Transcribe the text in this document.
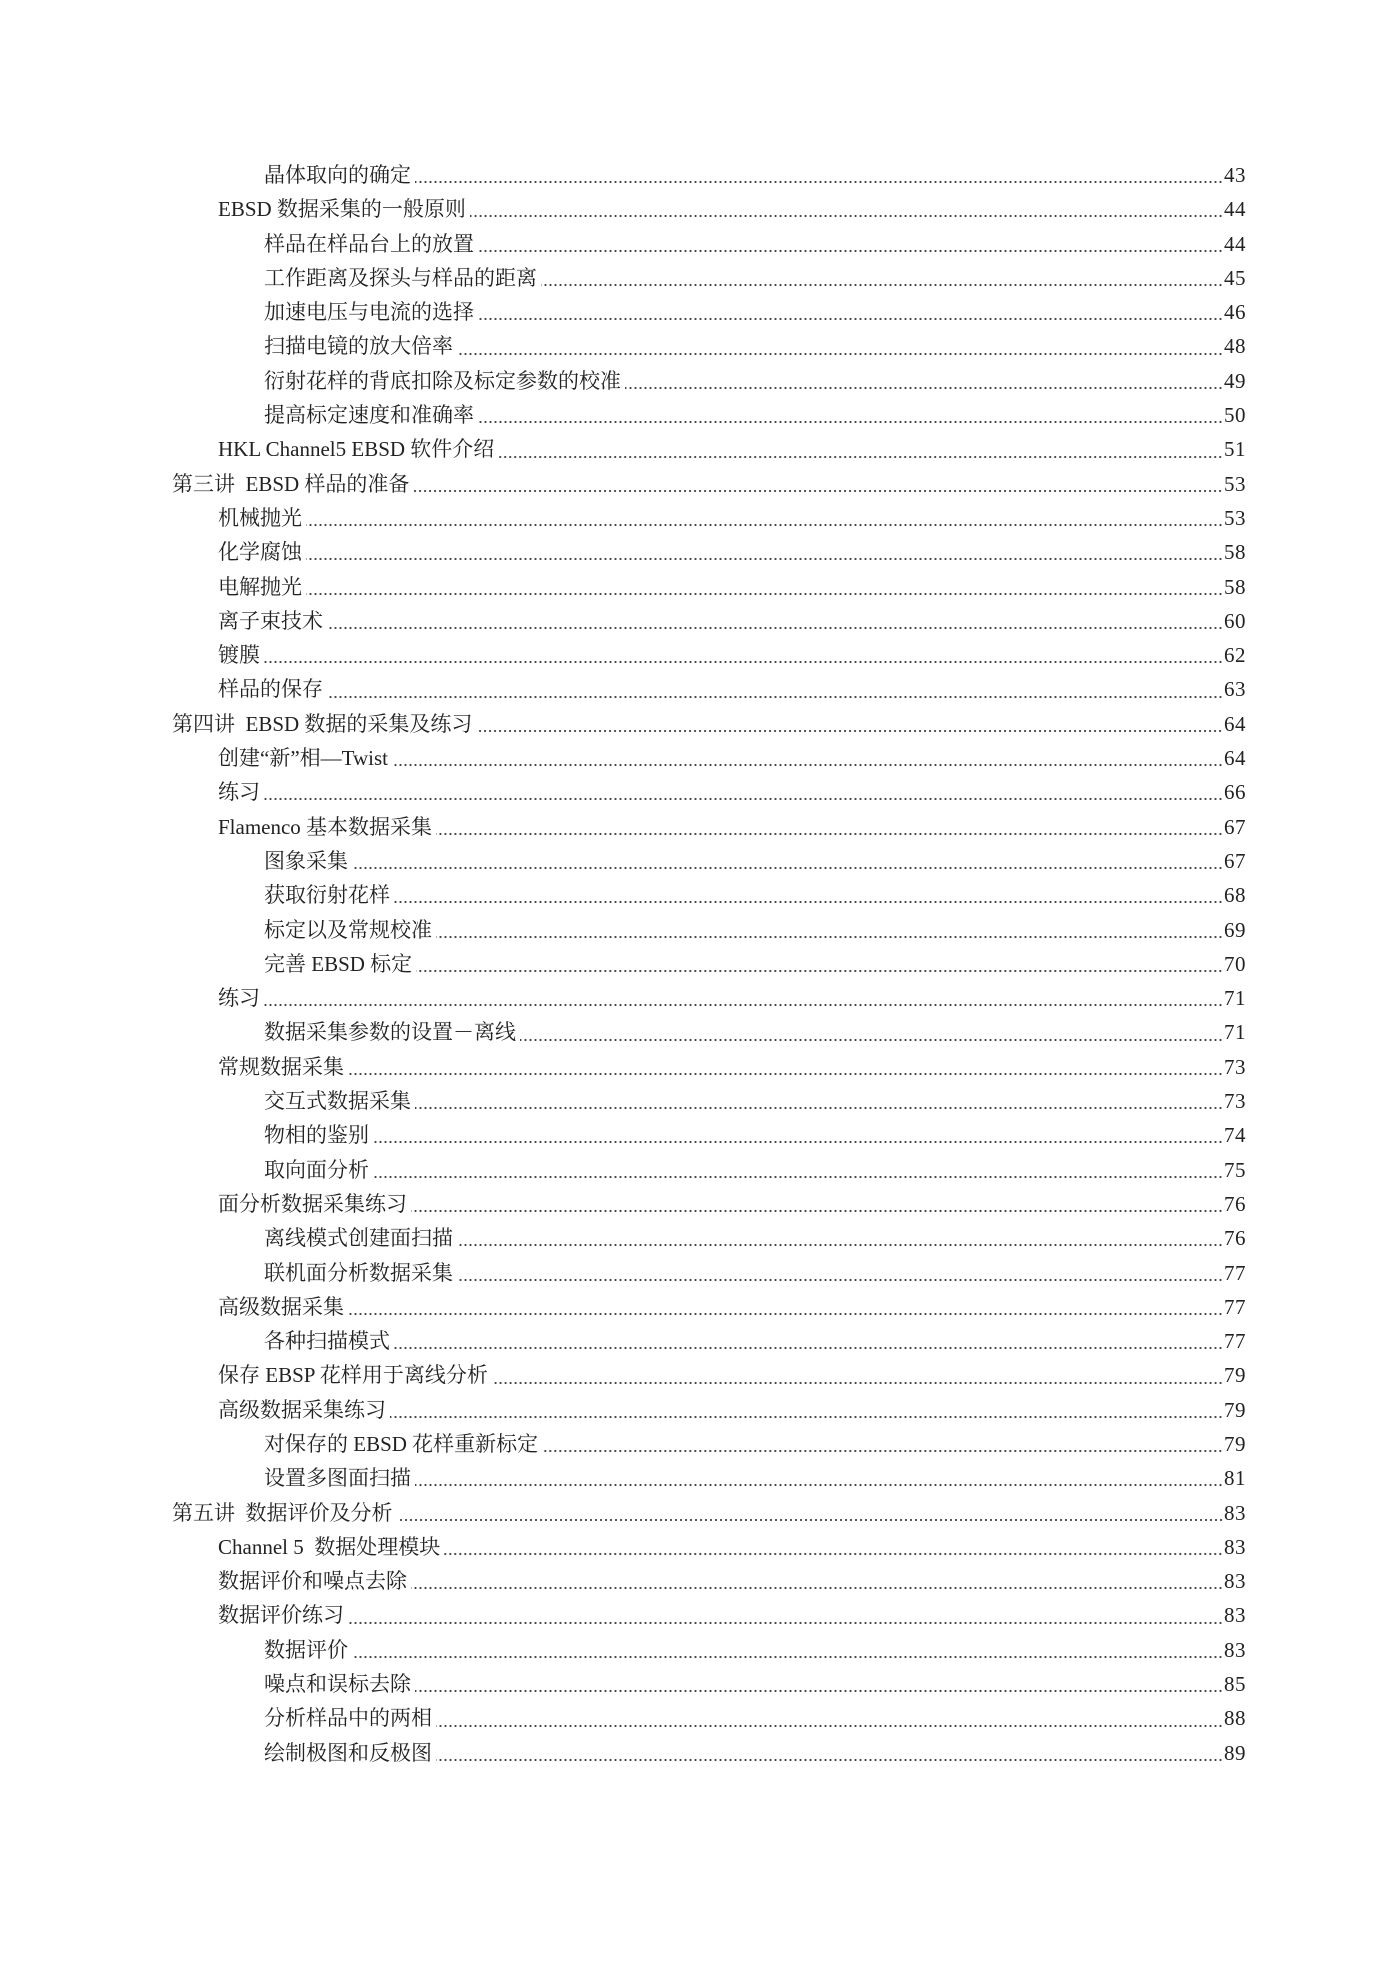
晶体取向的确定	43
EBSD 数据采集的一般原则	44
样品在样品台上的放置	44
工作距离及探头与样品的距离	45
加速电压与电流的选择	46
扫描电镜的放大倍率	48
衍射花样的背底扣除及标定参数的校准	49
提高标定速度和准确率	50
HKL Channel5 EBSD 软件介绍	51
第三讲  EBSD 样品的准备	53
机械抛光	53
化学腐蚀	58
电解抛光	58
离子束技术	60
镀膜	62
样品的保存	63
第四讲  EBSD 数据的采集及练习	64
创建“新”相—Twist	64
练习	66
Flamenco 基本数据采集	67
图象采集	67
获取衍射花样	68
标定以及常规校准	69
完善 EBSD 标定	70
练习	71
数据采集参数的设置－离线	71
常规数据采集	73
交互式数据采集	73
物相的鉴别	74
取向面分析	75
面分析数据采集练习	76
离线模式创建面扫描	76
联机面分析数据采集	77
高级数据采集	77
各种扫描模式	77
保存 EBSP 花样用于离线分析	79
高级数据采集练习	79
对保存的 EBSD 花样重新标定	79
设置多图面扫描	81
第五讲  数据评价及分析	83
Channel 5  数据处理模块	83
数据评价和噪点去除	83
数据评价练习	83
数据评价	83
噪点和误标去除	85
分析样品中的两相	88
绘制极图和反极图	89
